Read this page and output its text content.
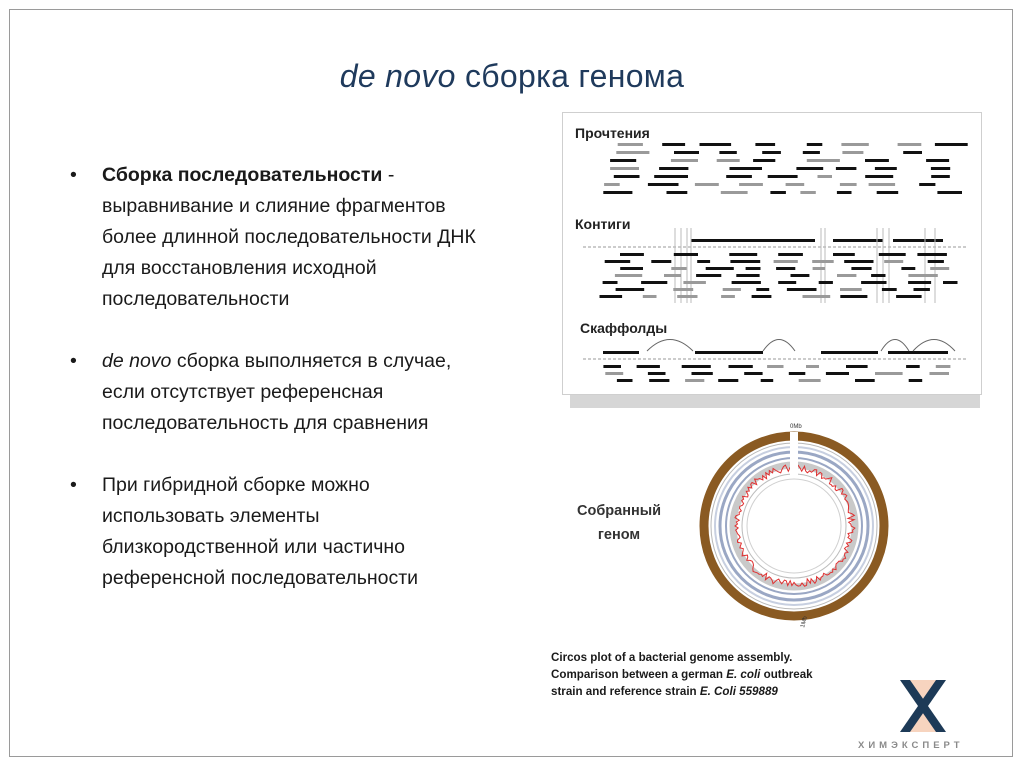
de novo сборка генома
• Сборка последовательности - выравнивание и слияние фрагментов более длинной последовательности ДНК для восстановления исходной последовательности
• de novo сборка выполняется в случае, если отсутствует референсная последовательность для сравнения
• При гибридной сборке можно использовать элементы близкородственной или частично референсной последовательности
Прочтения
Контиги
Скаффолды
Собранный
геном
0Mb
1Mb
Circos plot of a bacterial genome assembly.
Comparison between a german E. coli outbreak
strain and reference strain E. Coli 559889
ХИМЭКСПЕРТ
